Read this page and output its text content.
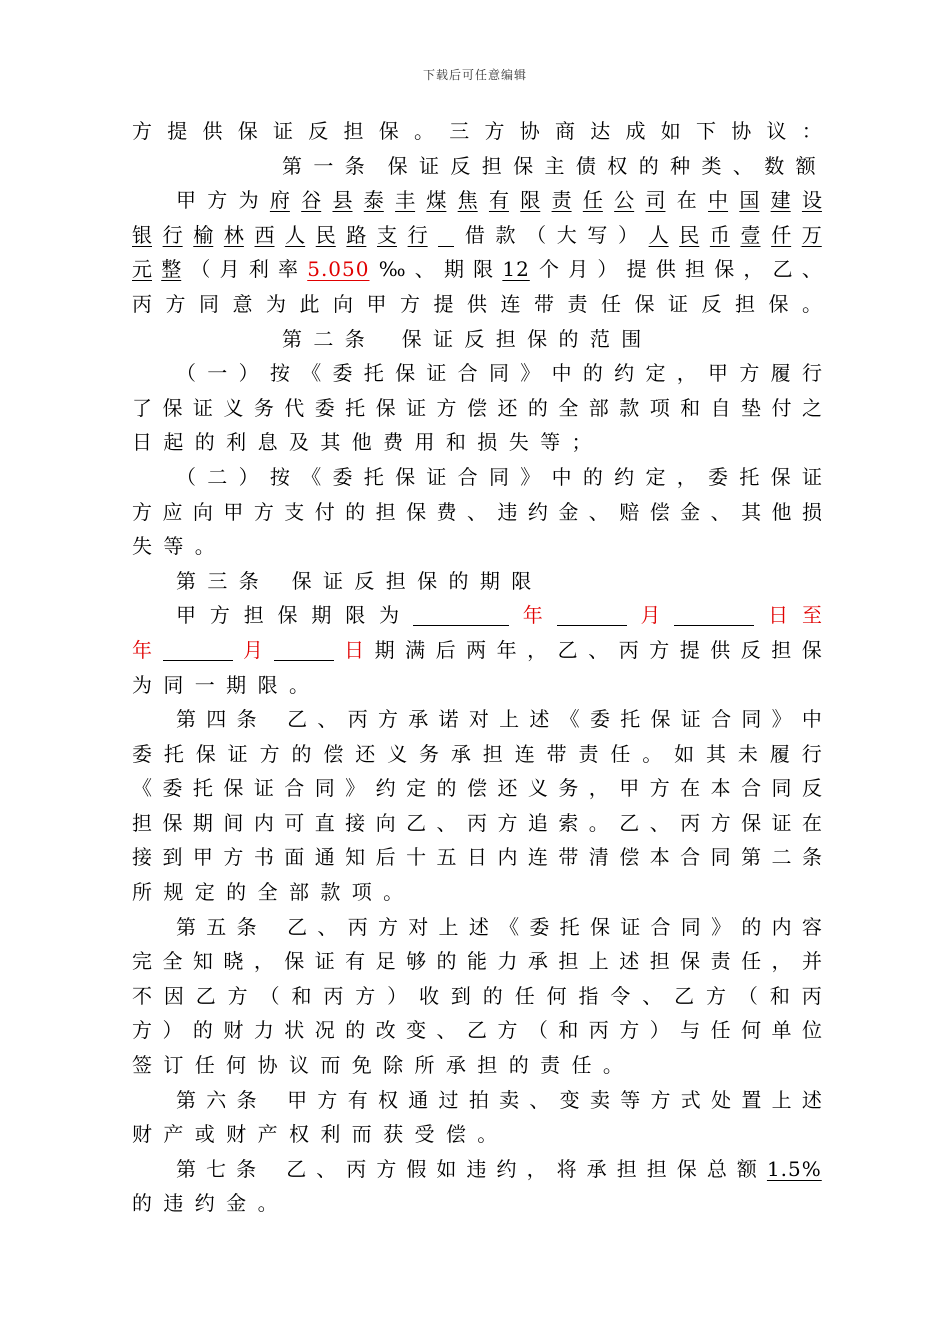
下载后可任意编辑
方 提 供 保 证 反 担 保 。 三 方 协 商 达 成 如 下 协 议 ：
第 一 条 保 证 反 担 保 主 债 权 的 种 类 、 数 额
甲 方 为 府 谷 县 泰 丰 煤 焦 有 限 责 任 公 司 在 中 国 建 设
银 行 榆 林 西 人 民 路 支 行 借 款 （ 大 写 ） 人 民 币 壹 仟 万
元 整 （ 月 利 率 5.050 ‰ 、 期 限 12 个 月 ） 提 供 担 保 ， 乙 、
丙 方 同 意 为 此 向 甲 方 提 供 连 带 责 任 保 证 反 担 保 。
第 二 条 保 证 反 担 保 的 范 围
（ 一 ） 按 《 委 托 保 证 合 同 》 中 的 约 定 ， 甲 方 履 行
了 保 证 义 务 代 委 托 保 证 方 偿 还 的 全 部 款 项 和 自 垫 付 之
日 起 的 利 息 及 其 他 费 用 和 损 失 等 ；
（ 二 ） 按 《 委 托 保 证 合 同 》 中 的 约 定 ， 委 托 保 证
方 应 向 甲 方 支 付 的 担 保 费 、 违 约 金 、 赔 偿 金 、 其 他 损
失 等 。
第 三 条 保 证 反 担 保 的 期 限
甲 方 担 保 期 限 为	年	月	日 至
年	月	日 期 满 后 两 年 ， 乙 、 丙 方 提 供 反 担 保
为 同 一 期 限 。
第 四 条 乙 、 丙 方 承 诺 对 上 述 《 委 托 保 证 合 同 》 中
委 托 保 证 方 的 偿 还 义 务 承 担 连 带 责 任 。 如 其 未 履 行
《 委 托 保 证 合 同 》 约 定 的 偿 还 义 务 ， 甲 方 在 本 合 同 反
担 保 期 间 内 可 直 接 向 乙 、 丙 方 追 索 。 乙 、 丙 方 保 证 在
接 到 甲 方 书 面 通 知 后 十 五 日 内 连 带 清 偿 本 合 同 第 二 条
所 规 定 的 全 部 款 项 。
第 五 条 乙 、 丙 方 对 上 述 《 委 托 保 证 合 同 》 的 内 容
完 全 知 晓 ， 保 证 有 足 够 的 能 力 承 担 上 述 担 保 责 任 ， 并
不 因 乙 方 （ 和 丙 方 ） 收 到 的 任 何 指 令 、 乙 方 （ 和 丙
方 ） 的 财 力 状 况 的 改 变 、 乙 方 （ 和 丙 方 ） 与 任 何 单 位
签 订 任 何 协 议 而 免 除 所 承 担 的 责 任 。
第 六 条 甲 方 有 权 通 过 拍 卖 、 变 卖 等 方 式 处 置 上 述
财 产 或 财 产 权 利 而 获 受 偿 。
第 七 条 乙 、 丙 方 假 如 违 约 ， 将 承 担 担 保 总 额 1.5%
的 违 约 金 。
